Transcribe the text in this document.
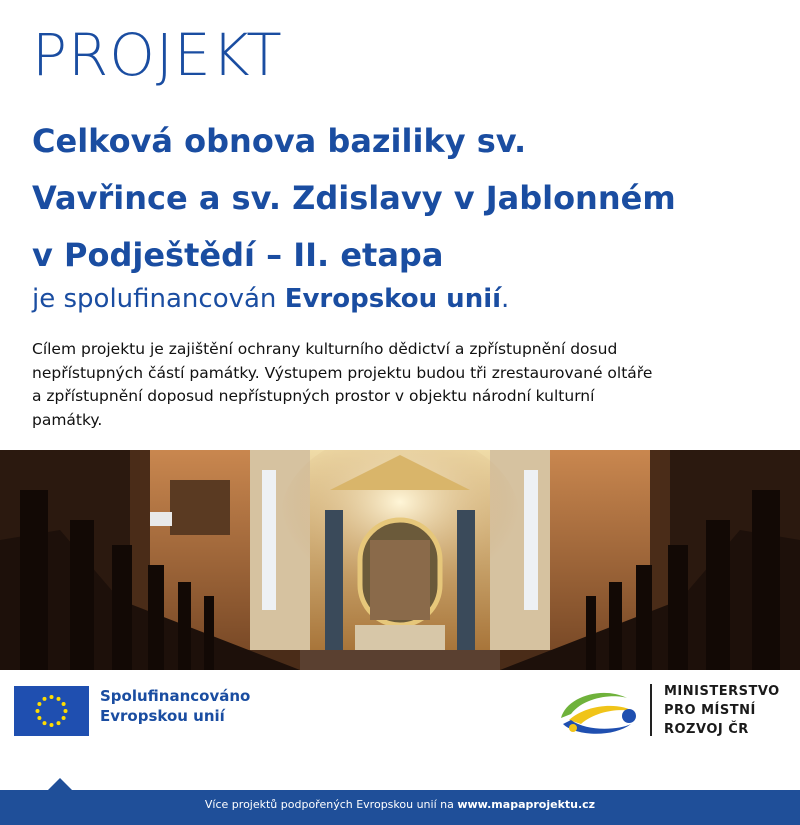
PROJEKT
Celková obnova baziliky sv.
Vavřince a sv. Zdislavy v Jablonném
v Podještědí – II. etapa
je spolufinancován Evropskou unií.
Cílem projektu je zajištění ochrany kulturního dědictví a zpřístupnění dosud
nepřístupných částí památky. Výstupem projektu budou tři zrestaurované oltáře
a zpřístupnění doposud nepřístupných prostor v objektu národní kulturní
památky.
Spolufinancováno
Evropskou unií
MINISTERSTVO
PRO MÍSTNÍ
ROZVOJ ČR
Více projektů podpořených Evropskou unií na www.mapaprojektu.cz
